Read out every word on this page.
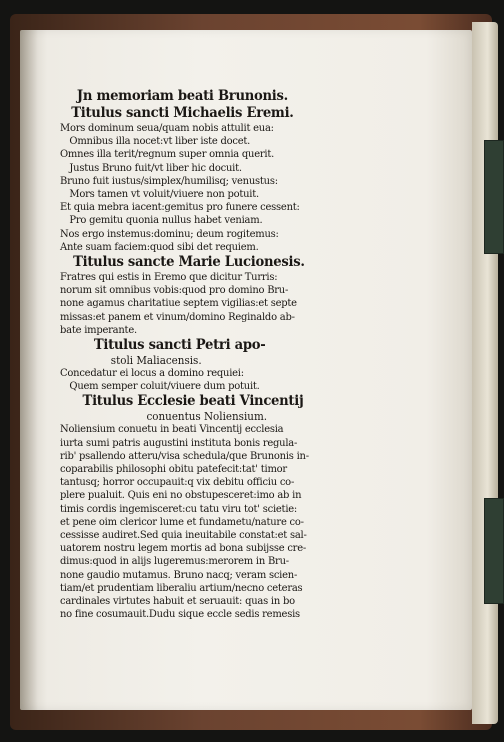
Jn memoriam beati Brunonis.
Titulus sancti Michaelis Eremi.
Mors dominum seua/quam nobis attulit eua:
Omnibus illa nocet:vt liber iste docet.
Omnes illa terit/regnum super omnia querit.
Justus Bruno fuit/vt liber hic docuit.
Bruno fuit iustus/simplex/humilisq; venustus:
Mors tamen vt voluit/viuere non potuit.
Et quia mebra iacent:gemitus pro funere cessent:
Pro gemitu quonia nullus habet veniam.
Nos ergo instemus:dominu; deum rogitemus:
Ante suam faciem:quod sibi det requiem.
Titulus sancte Marie Lucionesis.
Fratres qui estis in Eremo que dicitur Turris:
norum sit omnibus vobis:quod pro domino Bru-
none agamus charitatiue septem vigilias:et septe
missas:et panem et vinum/domino Reginaldo ab-
bate imperante.
Titulus sancti Petri apo-
stoli Maliacensis.
Concedatur ei locus a domino requiei:
Quem semper coluit/viuere dum potuit.
Titulus Ecclesie beati Vincentij
conuentus Noliensium.
Noliensium conuetu in beati Vincentij ecclesia
iurta sumi patris augustini instituta bonis regula-
rib' psallendo atteru/visa schedula/que Brunonis in-
coparabilis philosophi obitu patefecit:tat' timor
tantusq; horror occupauit:q vix debitu officiu co-
plere pualuit. Quis eni no obstupesceret:imo ab in
timis cordis ingemisceret:cu tatu viru tot' scietie:
et pene oim clericor lume et fundametu/nature co-
cessisse audiret.Sed quia ineuitabile constat:et sal-
uatorem nostru legem mortis ad bona subijsse cre-
dimus:quod in alijs lugeremus:merorem in Bru-
none gaudio mutamus. Bruno nacq; veram scien-
tiam/et prudentiam liberaliu artium/necno ceteras
cardinales virtutes habuit et seruauit: quas in bo
no fine cosumauit.Dudu sique eccle sedis remesis
